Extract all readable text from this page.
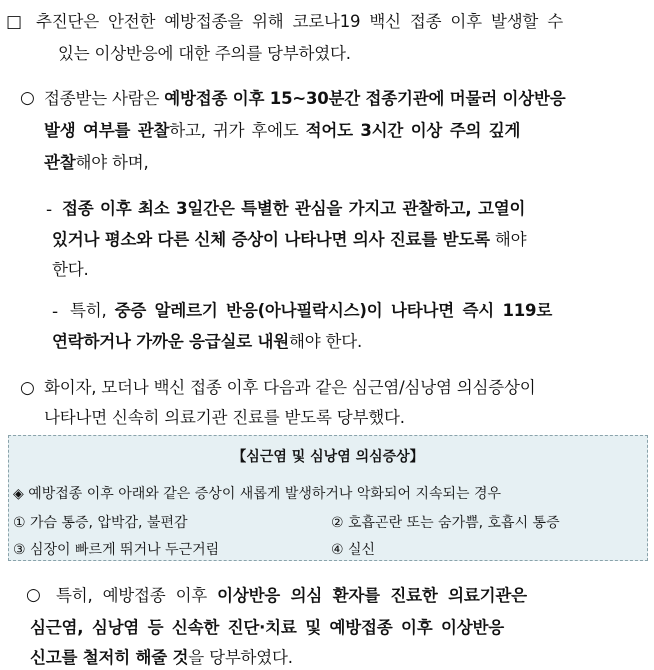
□ 추진단은 안전한 예방접종을 위해 코로나19 백신 접종 이후 발생할 수
있는 이상반응에 대한 주의를 당부하였다.
○ 접종받는 사람은 예방접종 이후 15~30분간 접종기관에 머물러 이상반응
발생 여부를 관찰하고, 귀가 후에도 적어도 3시간 이상 주의 깊게
관찰해야 하며,
- 접종 이후 최소 3일간은 특별한 관심을 가지고 관찰하고, 고열이
있거나 평소와 다른 신체 증상이 나타나면 의사 진료를 받도록 해야
한다.
- 특히, 중증 알레르기 반응(아나필락시스)이 나타나면 즉시 119로
연락하거나 가까운 응급실로 내원해야 한다.
○ 화이자, 모더나 백신 접종 이후 다음과 같은 심근염/심낭염 의심증상이
나타나면 신속히 의료기관 진료를 받도록 당부했다.
【심근염 및 심낭염 의심증상】
◈ 예방접종 이후 아래와 같은 증상이 새롭게 발생하거나 악화되어 지속되는 경우
① 가슴 통증, 압박감, 불편감	② 호흡곤란 또는 숨가쁨, 호흡시 통증
③ 심장이 빠르게 뛰거나 두근거림	④ 실신
○ 특히, 예방접종 이후 이상반응 의심 환자를 진료한 의료기관은
심근염, 심낭염 등 신속한 진단·치료 및 예방접종 이후 이상반응
신고를 철저히 해줄 것을 당부하였다.
